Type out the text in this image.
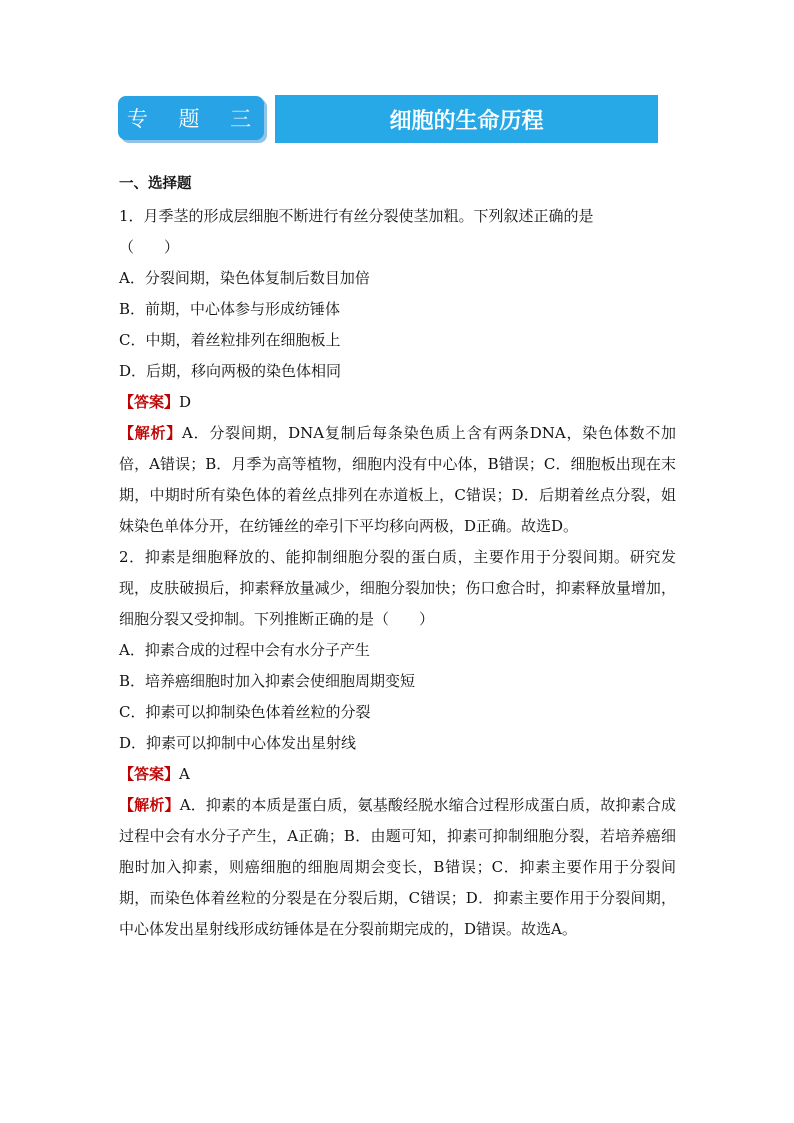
专 题 三	细胞的生命历程
一、选择题
1．月季茎的形成层细胞不断进行有丝分裂使茎加粗。下列叙述正确的是
（　　）
A．分裂间期，染色体复制后数目加倍
B．前期，中心体参与形成纺锤体
C．中期，着丝粒排列在细胞板上
D．后期，移向两极的染色体相同
【答案】D
【解析】A．分裂间期，DNA复制后每条染色质上含有两条DNA，染色体数不加倍，A错误；B．月季为高等植物，细胞内没有中心体，B错误；C．细胞板出现在末期，中期时所有染色体的着丝点排列在赤道板上，C错误；D．后期着丝点分裂，姐妹染色单体分开，在纺锤丝的牵引下平均移向两极，D正确。故选D。
2．抑素是细胞释放的、能抑制细胞分裂的蛋白质，主要作用于分裂间期。研究发现，皮肤破损后，抑素释放量减少，细胞分裂加快；伤口愈合时，抑素释放量增加，细胞分裂又受抑制。下列推断正确的是（　　）
A．抑素合成的过程中会有水分子产生
B．培养癌细胞时加入抑素会使细胞周期变短
C．抑素可以抑制染色体着丝粒的分裂
D．抑素可以抑制中心体发出星射线
【答案】A
【解析】A．抑素的本质是蛋白质，氨基酸经脱水缩合过程形成蛋白质，故抑素合成过程中会有水分子产生，A正确；B．由题可知，抑素可抑制细胞分裂，若培养癌细胞时加入抑素，则癌细胞的细胞周期会变长，B错误；C．抑素主要作用于分裂间期，而染色体着丝粒的分裂是在分裂后期，C错误；D．抑素主要作用于分裂间期，中心体发出星射线形成纺锤体是在分裂前期完成的，D错误。故选A。
